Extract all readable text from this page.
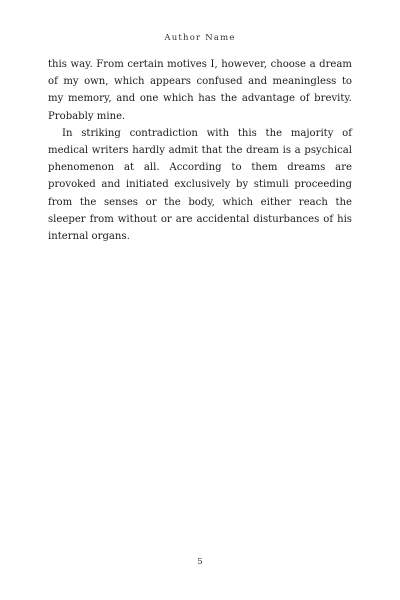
Author Name

this way. From certain motives I, however, choose a dream of my own, which appears confused and meaningless to my memory, and one which has the advantage of brevity. Probably mine.

In striking contradiction with this the majority of medical writers hardly admit that the dream is a psychical phenomenon at all. According to them dreams are provoked and initiated exclusively by stimuli proceeding from the senses or the body, which either reach the sleeper from without or are accidental disturbances of his internal organs.

5
